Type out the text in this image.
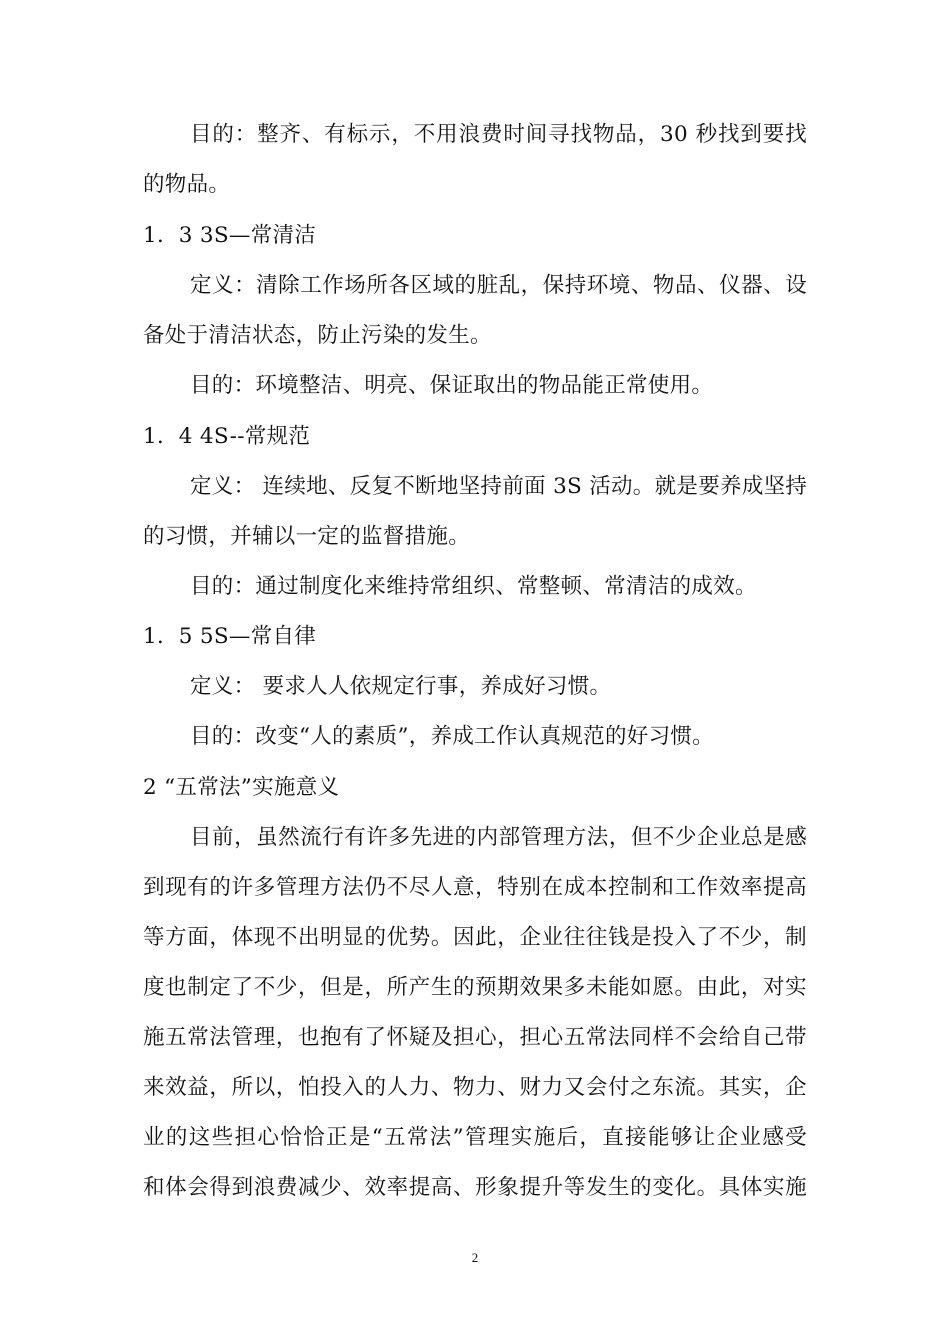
目的：整齐、有标示，不用浪费时间寻找物品，30 秒找到要找
的物品。
1．3 3S—常清洁
定义：清除工作场所各区域的脏乱，保持环境、物品、仪器、设
备处于清洁状态，防止污染的发生。
目的：环境整洁、明亮、保证取出的物品能正常使用。
1．4 4S--常规范
定义： 连续地、反复不断地坚持前面 3S 活动。就是要养成坚持
的习惯，并辅以一定的监督措施。
目的：通过制度化来维持常组织、常整顿、常清洁的成效。
1．5 5S—常自律
定义： 要求人人依规定行事，养成好习惯。
目的：改变“人的素质”，养成工作认真规范的好习惯。
2 “五常法”实施意义
目前，虽然流行有许多先进的内部管理方法，但不少企业总是感
到现有的许多管理方法仍不尽人意，特别在成本控制和工作效率提高
等方面，体现不出明显的优势。因此，企业往往钱是投入了不少，制
度也制定了不少，但是，所产生的预期效果多未能如愿。由此，对实
施五常法管理，也抱有了怀疑及担心，担心五常法同样不会给自己带
来效益，所以，怕投入的人力、物力、财力又会付之东流。其实，企
业的这些担心恰恰正是“五常法”管理实施后，直接能够让企业感受
和体会得到浪费减少、效率提高、形象提升等发生的变化。具体实施
2
